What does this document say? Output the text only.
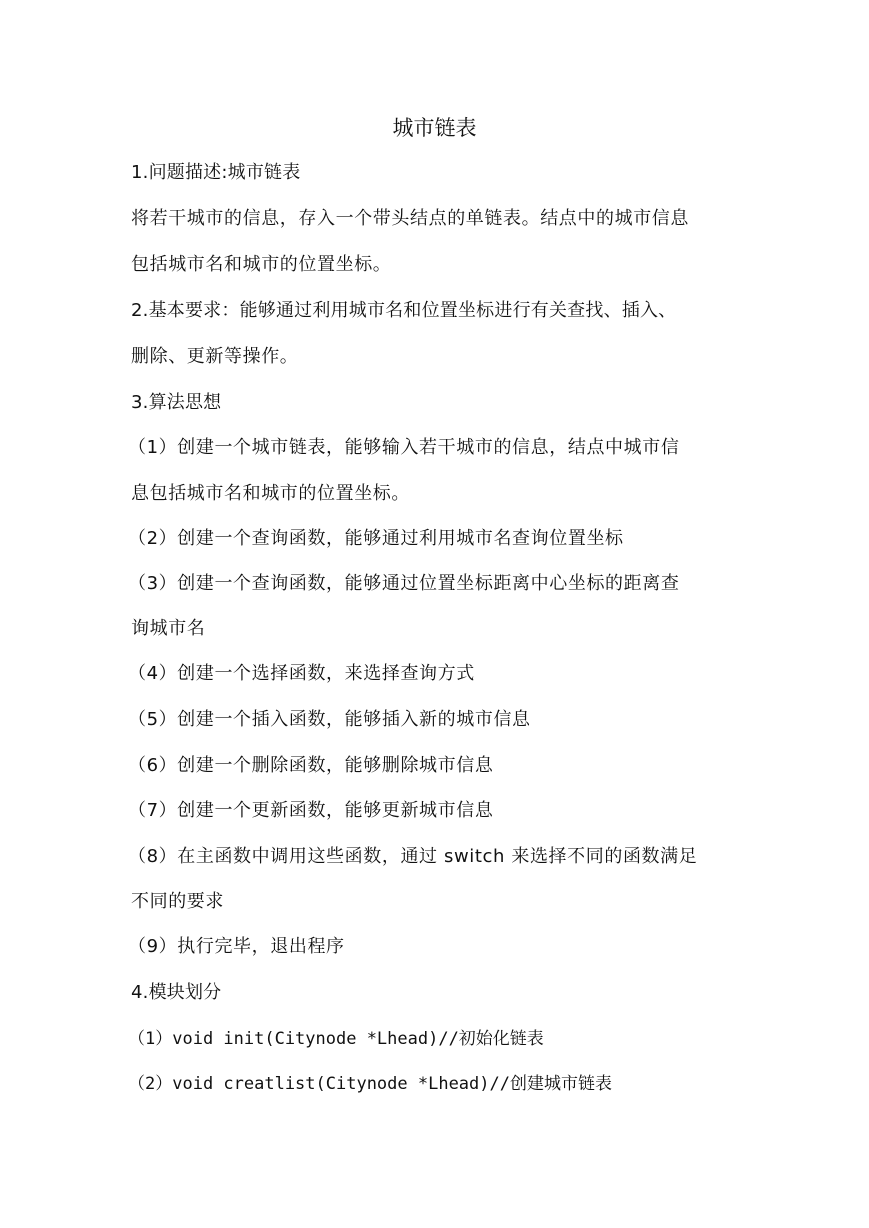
城市链表
1.问题描述:城市链表
将若干城市的信息，存入一个带头结点的单链表。结点中的城市信息
包括城市名和城市的位置坐标。
2.基本要求：能够通过利用城市名和位置坐标进行有关查找、插入、
删除、更新等操作。
3.算法思想
（1）创建一个城市链表，能够输入若干城市的信息，结点中城市信
息包括城市名和城市的位置坐标。
（2）创建一个查询函数，能够通过利用城市名查询位置坐标
（3）创建一个查询函数，能够通过位置坐标距离中心坐标的距离查
询城市名
（4）创建一个选择函数，来选择查询方式
（5）创建一个插入函数，能够插入新的城市信息
（6）创建一个删除函数，能够删除城市信息
（7）创建一个更新函数，能够更新城市信息
（8）在主函数中调用这些函数，通过 switch 来选择不同的函数满足
不同的要求
（9）执行完毕，退出程序
4.模块划分
（1）void init(Citynode *Lhead)//初始化链表
（2）void creatlist(Citynode *Lhead)//创建城市链表
